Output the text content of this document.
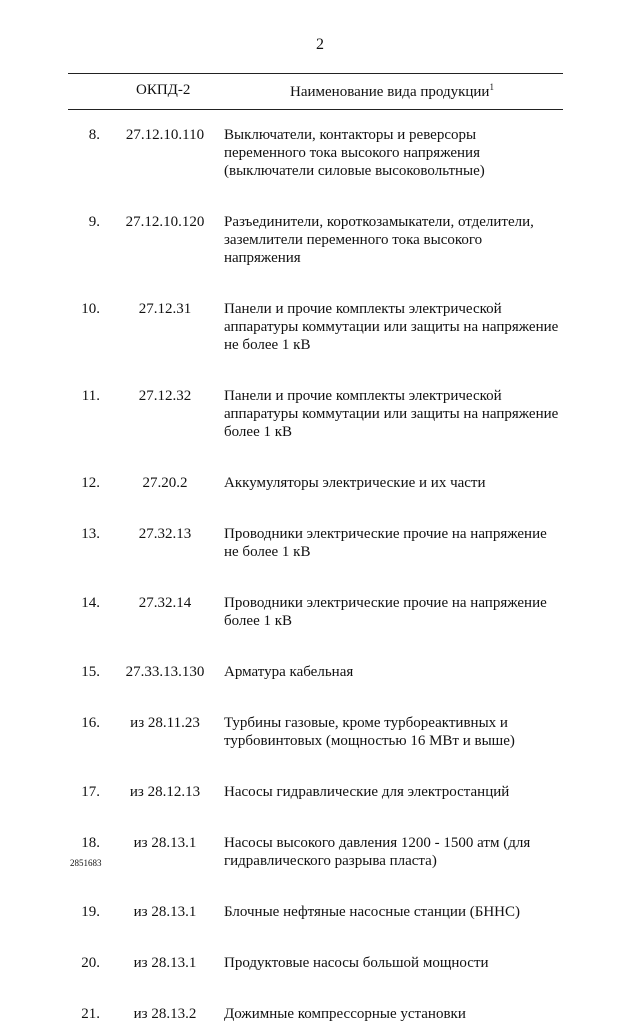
2
ОКПД-2	Наименование вида продукции$^1$
8.	27.12.10.110	Выключатели, контакторы и реверсоры
переменного тока высокого напряжения
(выключатели силовые высоковольтные)
9.	27.12.10.120	Разъединители, короткозамыкатели, отделители,
заземлители переменного тока высокого
напряжения
10.	27.12.31	Панели и прочие комплекты электрической
аппаратуры коммутации или защиты на напряжение
не более 1 кВ
11.	27.12.32	Панели и прочие комплекты электрической
аппаратуры коммутации или защиты на напряжение
более 1 кВ
12.	27.20.2	Аккумуляторы электрические и их части
13.	27.32.13	Проводники электрические прочие на напряжение
не более 1 кВ
14.	27.32.14	Проводники электрические прочие на напряжение
более 1 кВ
15.	27.33.13.130	Арматура кабельная
16.	из 28.11.23	Турбины газовые, кроме турбореактивных и
турбовинтовых (мощностью 16 МВт и выше)
17.	из 28.12.13	Насосы гидравлические для электростанций
18.	из 28.13.1	Насосы высокого давления 1200 - 1500 атм (для
гидравлического разрыва пласта)
19.	из 28.13.1	Блочные нефтяные насосные станции (БННС)
20.	из 28.13.1	Продуктовые насосы большой мощности
21.	из 28.13.2	Дожимные компрессорные установки
2851683
